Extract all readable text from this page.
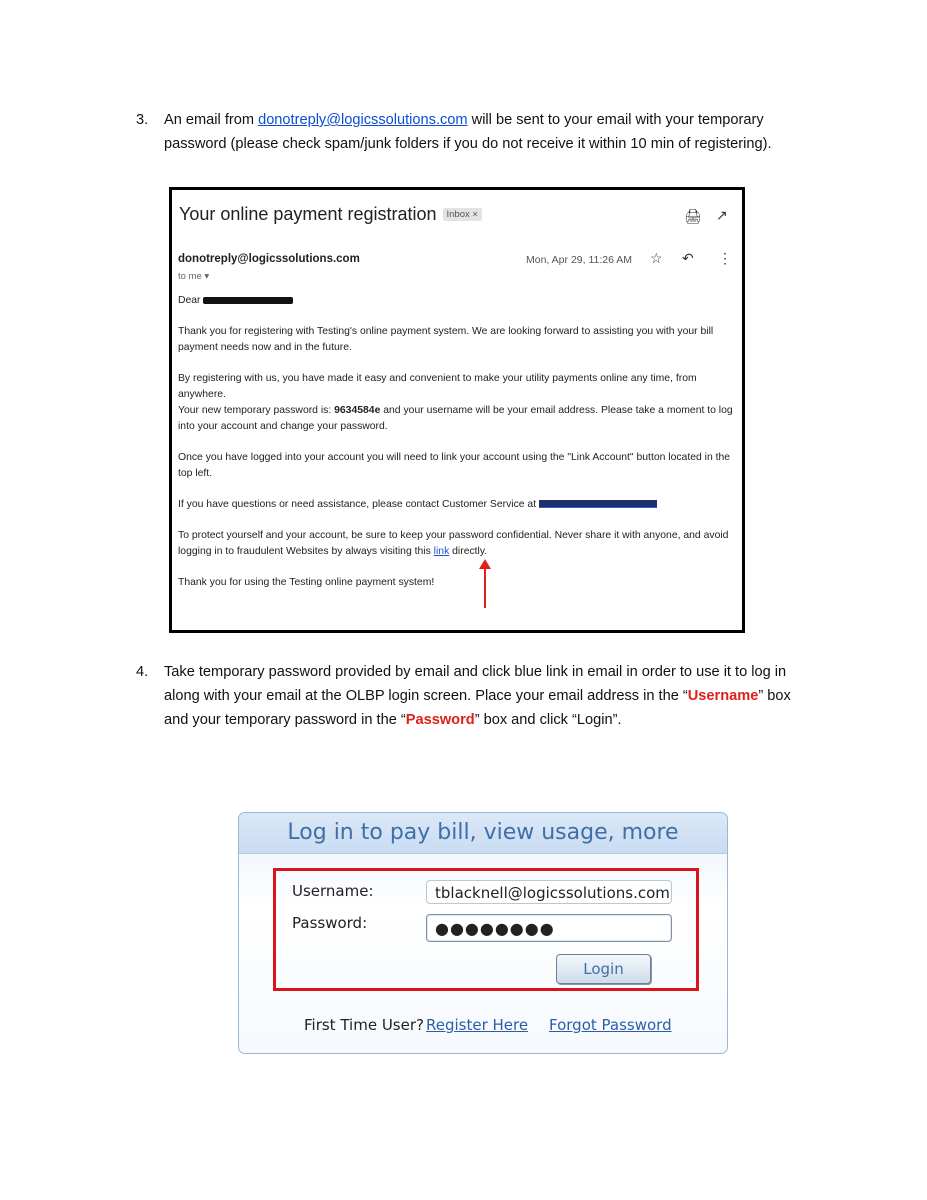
3. An email from donotreply@logicssolutions.com will be sent to your email with your temporary password (please check spam/junk folders if you do not receive it within 10 min of registering).
Your online payment registration Inbox ×	🖨 ↗
donotreply@logicssolutions.com
to me ▾
Mon, Apr 29, 11:26 AM ☆ ↶ ⋮

Dear

Thank you for registering with Testing's online payment system. We are looking forward to assisting you with your bill payment needs now and in the future.

By registering with us, you have made it easy and convenient to make your utility payments online any time, from anywhere.
Your new temporary password is: 9634584e and your username will be your email address. Please take a moment to log into your account and change your password.

Once you have logged into your account you will need to link your account using the "Link Account" button located in the top left.

If you have questions or need assistance, please contact Customer Service at

To protect yourself and your account, be sure to keep your password confidential. Never share it with anyone, and avoid logging in to fraudulent Websites by always visiting this link directly.

Thank you for using the Testing online payment system!

4. Take temporary password provided by email and click blue link in email in order to use it to log in along with your email at the OLBP login screen. Place your email address in the “Username” box and your temporary password in the “Password” box and click “Login”.
Log in to pay bill, view usage, more
Username:	tblacknell@logicssolutions.com
Password:	●●●●●●●●
Login
First Time User? Register Here Forgot Password
